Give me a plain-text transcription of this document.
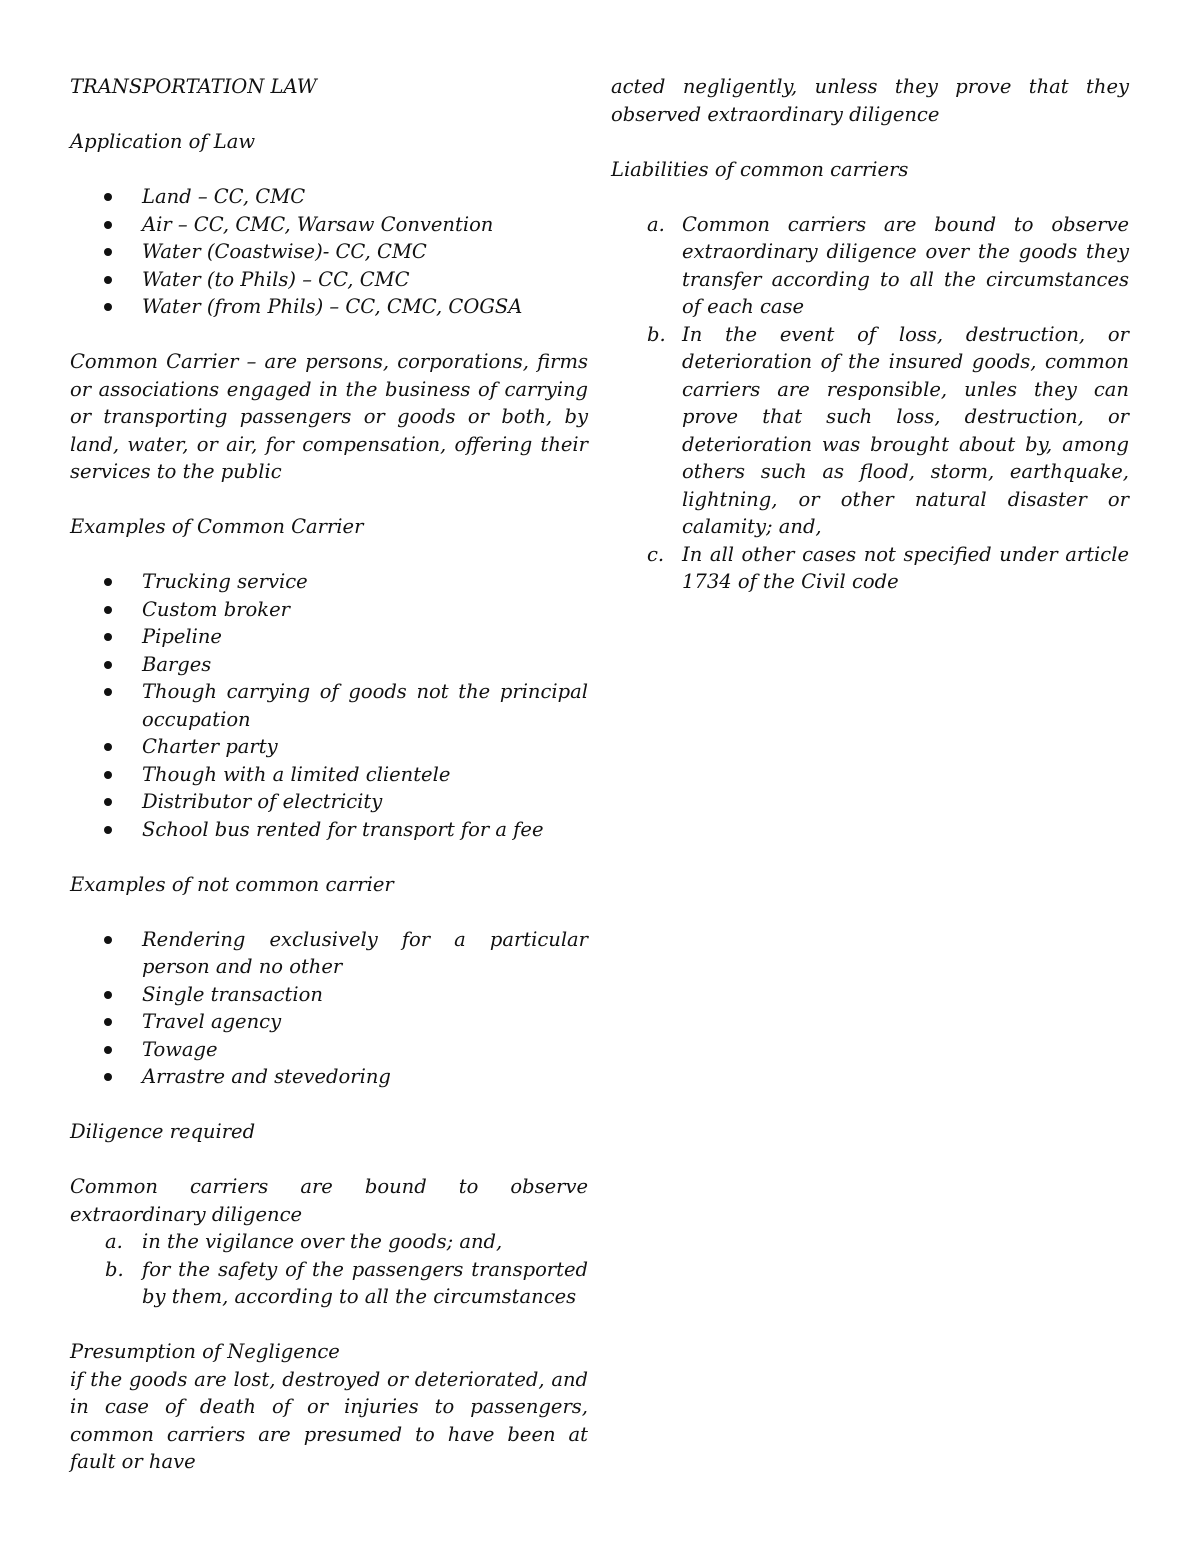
TRANSPORTATION LAW

Application of Law

Land – CC, CMC
Air – CC, CMC, Warsaw Convention
Water (Coastwise)- CC, CMC
Water (to Phils) – CC, CMC
Water (from Phils) – CC, CMC, COGSA

Common Carrier – are persons, corporations, firms or associations engaged in the business of carrying or transporting passengers or goods or both, by land, water, or air, for compensation, offering their services to the public

Examples of Common Carrier

Trucking service
Custom broker
Pipeline
Barges
Though carrying of goods not the principal occupation
Charter party
Though with a limited clientele
Distributor of electricity
School bus rented for transport for a fee

Examples of not common carrier

Rendering exclusively for a particular person and no other
Single transaction
Travel agency
Towage
Arrastre and stevedoring

Diligence required

Common carriers are bound to observe extraordinary diligence

a. in the vigilance over the goods; and,
b. for the safety of the passengers transported by them, according to all the circumstances

Presumption of Negligence

if the goods are lost, destroyed or deteriorated, and in case of death of or injuries to passengers, common carriers are presumed to have been at fault or have

acted negligently, unless they prove that they observed extraordinary diligence

Liabilities of common carriers

a. Common carriers are bound to observe extraordinary diligence over the goods they transfer according to all the circumstances of each case
b. In the event of loss, destruction, or deterioration of the insured goods, common carriers are responsible, unles they can prove that such loss, destruction, or deterioration was brought about by, among others such as flood, storm, earthquake, lightning, or other natural disaster or calamity; and,
c. In all other cases not specified under article 1734 of the Civil code
